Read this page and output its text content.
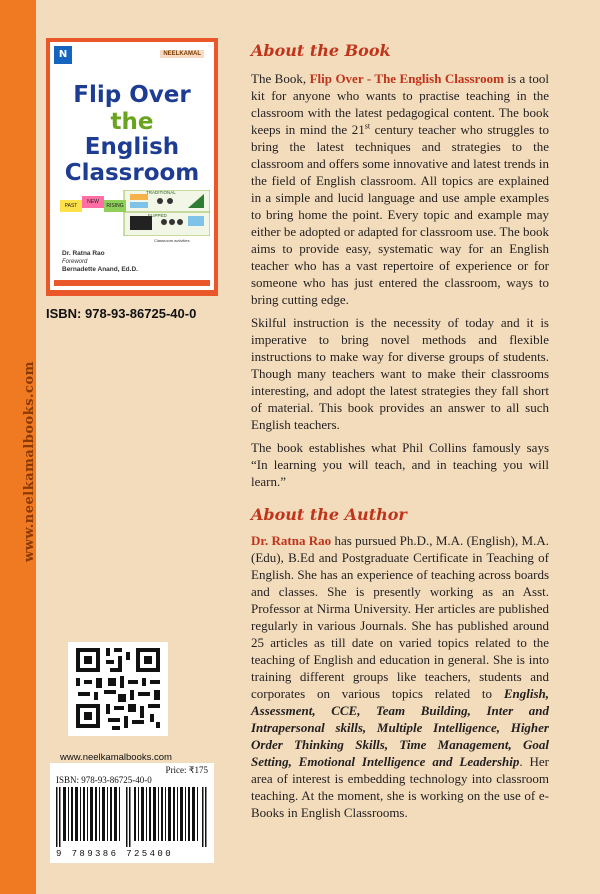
www.neelkamalbooks.com
N	NEELKAMAL
Flip Over
the
English
Classroom
PAST
NEW
RISING
TRADITIONAL
FLIPPED
Classroom activities
Dr. Ratna Rao
Foreword
Bernadette Anand, Ed.D.
ISBN: 978-93-86725-40-0
www.neelkamalbooks.com
Price: ₹175
ISBN: 978-93-86725-40-0
9 789386 725400
About the Book

The Book, Flip Over - The English Classroom is a tool kit for anyone who wants to practise teaching in the classroom with the latest pedagogical content. The book keeps in mind the 21st century teacher who struggles to bring the latest techniques and strategies to the classroom and offers some innovative and latest trends in the field of English classroom. All topics are explained in a simple and lucid language and use ample examples to bring home the point. Every topic and example may either be adopted or adapted for classroom use. The book aims to provide easy, systematic way for an English teacher who has a vast repertoire of experience or for someone who has just entered the classroom, ways to bring cutting edge.

Skilful instruction is the necessity of today and it is imperative to bring novel methods and flexible instructions to make way for diverse groups of students. Though many teachers want to make their classrooms interesting, and adopt the latest strategies they fall short of material. This book provides an answer to all such English teachers.

The book establishes what Phil Collins famously says “In learning you will teach, and in teaching you will learn.”

About the Author

Dr. Ratna Rao has pursued Ph.D., M.A. (English), M.A. (Edu), B.Ed and Postgraduate Certificate in Teaching of English. She has an experience of teaching across boards and classes. She is presently working as an Asst. Professor at Nirma University. Her articles are published regularly in various Journals. She has published around 25 articles as till date on varied topics related to the teaching of English and education in general. She is into training different groups like teachers, students and corporates on various topics related to English, Assessment, CCE, Team Building, Inter and Intrapersonal skills, Multiple Intelligence, Higher Order Thinking Skills, Time Management, Goal Setting, Emotional Intelligence and Leadership. Her area of interest is embedding technology into classroom teaching. At the moment, she is working on the use of e-Books in English Classrooms.
